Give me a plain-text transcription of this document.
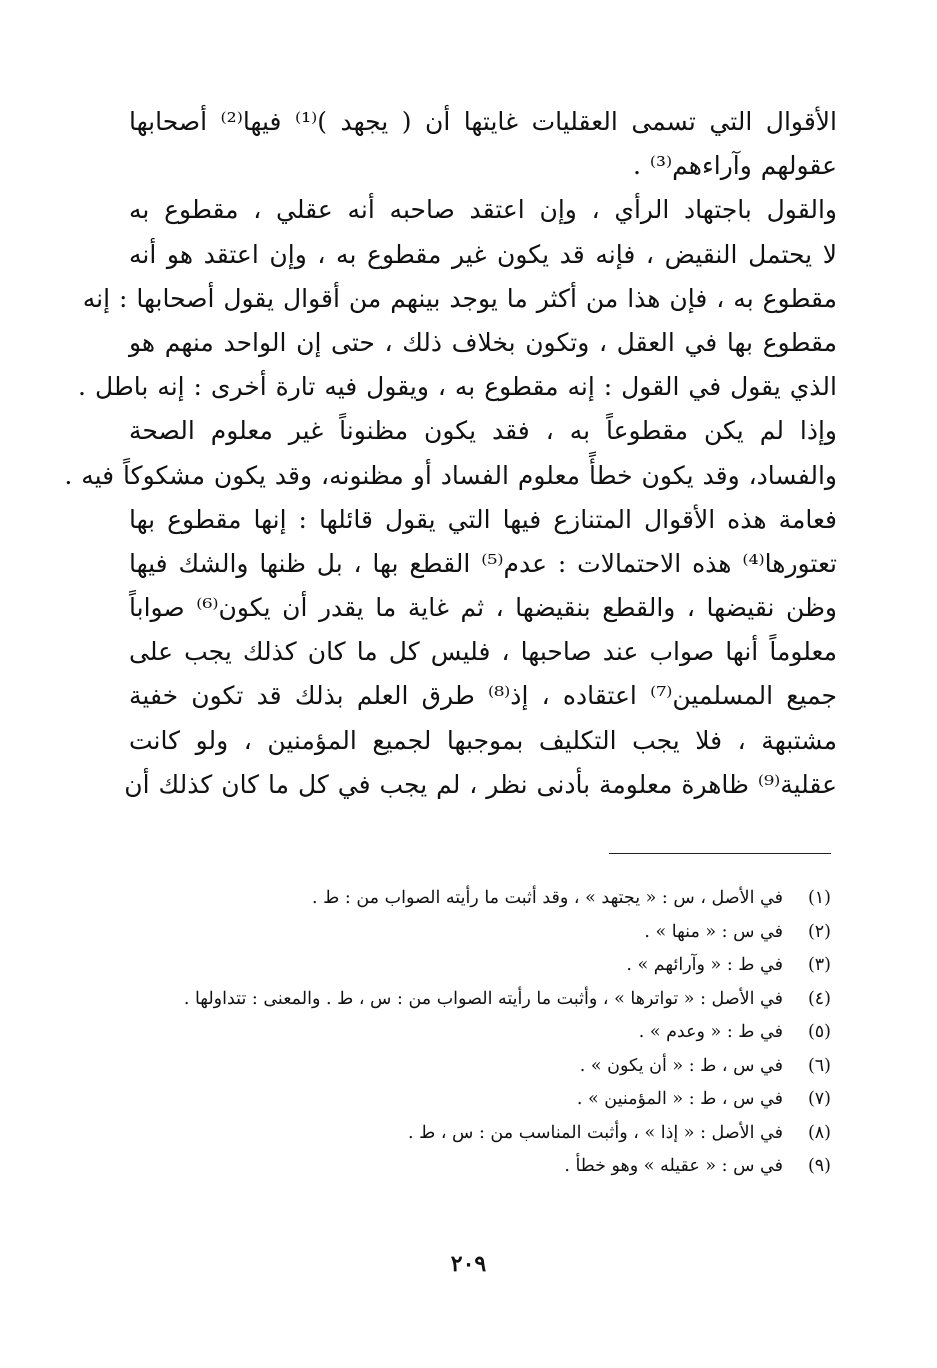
الأقوال التي تسمى العقليات غايتها أن ( يجهد )⁽¹⁾ فيها⁽²⁾ أصحابها
عقولهم وآراءهم⁽³⁾ .
والقول باجتهاد الرأي ، وإن اعتقد صاحبه أنه عقلي ، مقطوع به
لا يحتمل النقيض ، فإنه قد يكون غير مقطوع به ، وإن اعتقد هو أنه
مقطوع به ، فإن هذا من أكثر ما يوجد بينهم من أقوال يقول أصحابها : إنه
مقطوع بها في العقل ، وتكون بخلاف ذلك ، حتى إن الواحد منهم هو
الذي يقول في القول : إنه مقطوع به ، ويقول فيه تارة أخرى : إنه باطل .
وإذا لم يكن مقطوعاً به ، فقد يكون مظنوناً غير معلوم الصحة
والفساد، وقد يكون خطأً معلوم الفساد أو مظنونه، وقد يكون مشكوكاً فيه .
فعامة هذه الأقوال المتنازع فيها التي يقول قائلها : إنها مقطوع بها
تعتورها⁽⁴⁾ هذه الاحتمالات : عدم⁽⁵⁾ القطع بها ، بل ظنها والشك فيها
وظن نقيضها ، والقطع بنقيضها ، ثم غاية ما يقدر أن يكون⁽⁶⁾ صواباً
معلوماً أنها صواب عند صاحبها ، فليس كل ما كان كذلك يجب على
جميع المسلمين⁽⁷⁾ اعتقاده ، إذ⁽⁸⁾ طرق العلم بذلك قد تكون خفية
مشتبهة ، فلا يجب التكليف بموجبها لجميع المؤمنين ، ولو كانت
عقلية⁽⁹⁾ ظاهرة معلومة بأدنى نظر ، لم يجب في كل ما كان كذلك أن
(١)
في الأصل ، س : « يجتهد » ، وقد أثبت ما رأيته الصواب من : ط .
(٢)
في س : « منها » .
(٣)
في ط : « وآرائهم » .
(٤)
في الأصل : « تواترها » ، وأثبت ما رأيته الصواب من : س ، ط . والمعنى : تتداولها .
(٥)
في ط : « وعدم » .
(٦)
في س ، ط : « أن يكون » .
(٧)
في س ، ط : « المؤمنين » .
(٨)
في الأصل : « إذا » ، وأثبت المناسب من : س ، ط .
(٩)
في س : « عقيله » وهو خطأ .
٢٠٩
